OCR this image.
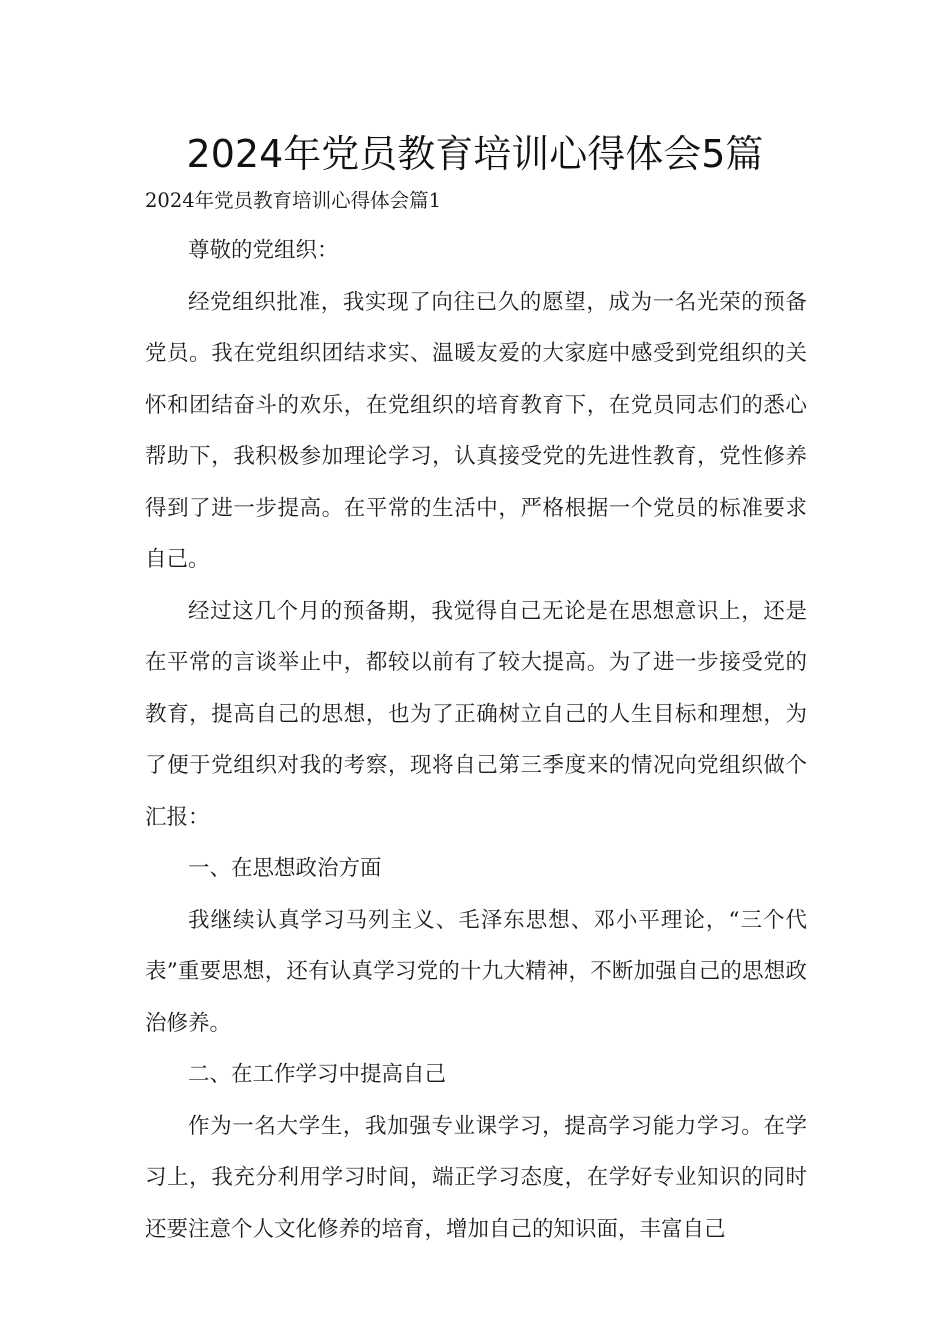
2024年党员教育培训心得体会5篇

2024年党员教育培训心得体会篇1

尊敬的党组织：

经党组织批准，我实现了向往已久的愿望，成为一名光荣的预备党员。我在党组织团结求实、温暖友爱的大家庭中感受到党组织的关怀和团结奋斗的欢乐，在党组织的培育教育下，在党员同志们的悉心帮助下，我积极参加理论学习，认真接受党的先进性教育，党性修养得到了进一步提高。在平常的生活中，严格根据一个党员的标准要求自己。

经过这几个月的预备期，我觉得自己无论是在思想意识上，还是在平常的言谈举止中，都较以前有了较大提高。为了进一步接受党的教育，提高自己的思想，也为了正确树立自己的人生目标和理想，为了便于党组织对我的考察，现将自己第三季度来的情况向党组织做个汇报：

一、在思想政治方面

我继续认真学习马列主义、毛泽东思想、邓小平理论，“三个代表”重要思想，还有认真学习党的十九大精神，不断加强自己的思想政治修养。

二、在工作学习中提高自己

作为一名大学生，我加强专业课学习，提高学习能力学习。在学习上，我充分利用学习时间，端正学习态度，在学好专业知识的同时还要注意个人文化修养的培育，增加自己的知识面，丰富自己
